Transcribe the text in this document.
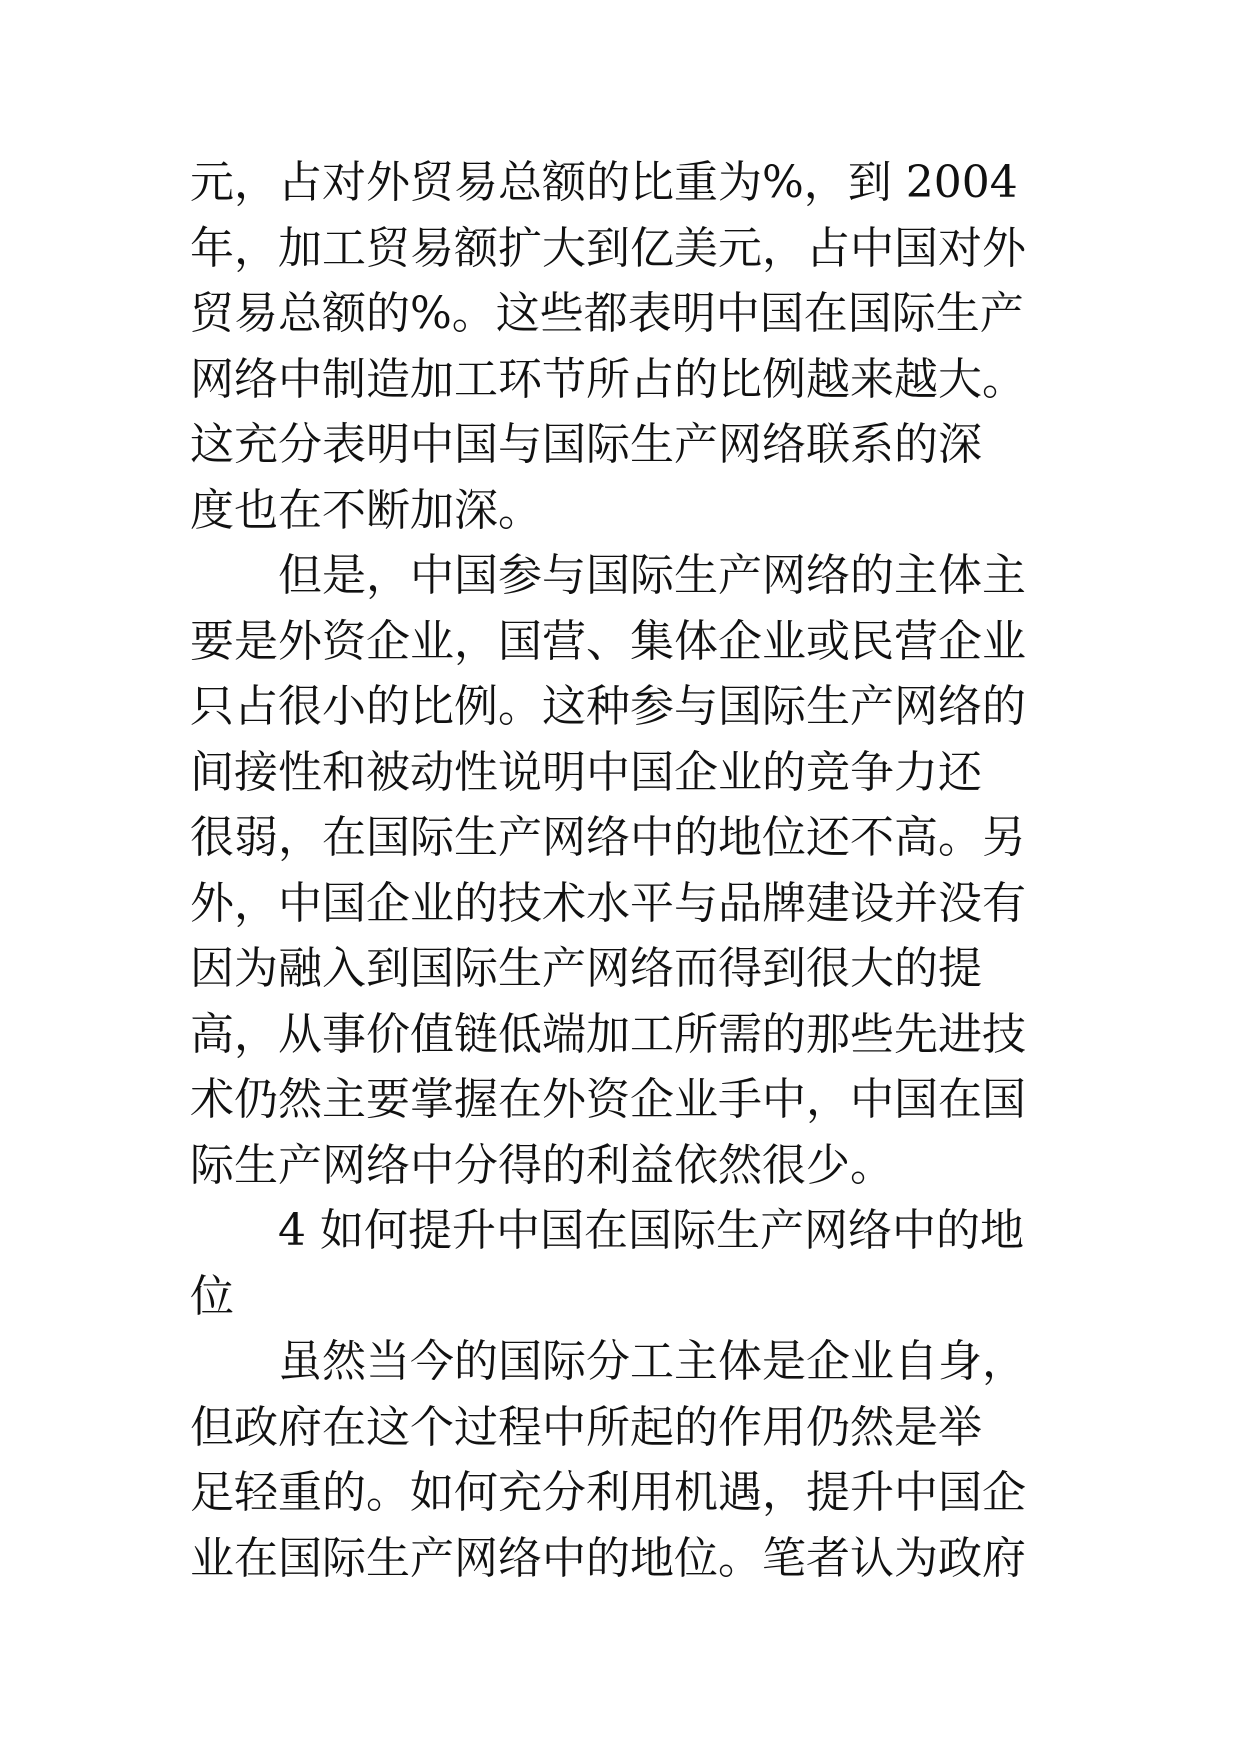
元，占对外贸易总额的比重为%，到 2004
年，加工贸易额扩大到亿美元，占中国对外
贸易总额的%。这些都表明中国在国际生产
网络中制造加工环节所占的比例越来越大。
这充分表明中国与国际生产网络联系的深
度也在不断加深。
但是，中国参与国际生产网络的主体主
要是外资企业，国营、集体企业或民营企业
只占很小的比例。这种参与国际生产网络的
间接性和被动性说明中国企业的竞争力还
很弱，在国际生产网络中的地位还不高。另
外，中国企业的技术水平与品牌建设并没有
因为融入到国际生产网络而得到很大的提
高，从事价值链低端加工所需的那些先进技
术仍然主要掌握在外资企业手中，中国在国
际生产网络中分得的利益依然很少。
4 如何提升中国在国际生产网络中的地
位
虽然当今的国际分工主体是企业自身，
但政府在这个过程中所起的作用仍然是举
足轻重的。如何充分利用机遇，提升中国企
业在国际生产网络中的地位。笔者认为政府
